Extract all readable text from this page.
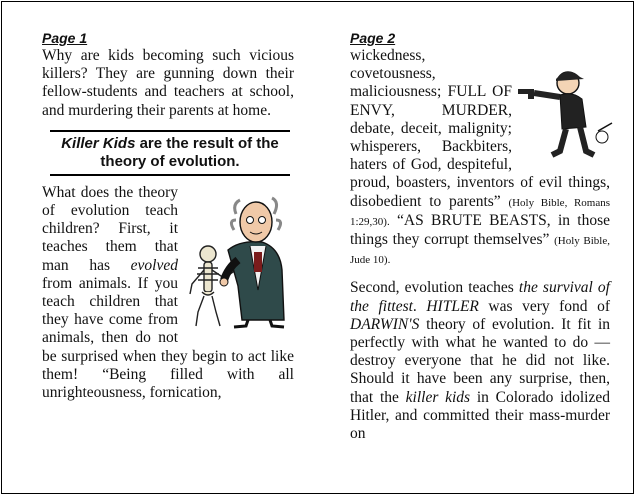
Page 1

Why are kids becoming such vicious killers? They are gunning down their fellow-students and teachers at school, and murdering their parents at home.

Killer Kids are the result of the theory of evolution.

What does the theory of evolution teach children? First, it teaches them that man has evolved from animals. If you teach children that they have come from animals, then do not be surprised when they begin to act like them! “Being filled with all unrighteousness, fornication,

Page 2

wickedness, covetousness, maliciousness; FULL OF ENVY, MURDER, debate, deceit, malignity; whisperers, Backbiters, haters of God, despiteful, proud, boasters, inventors of evil things, disobedient to parents” (Holy Bible, Romans 1:29,30). “AS BRUTE BEASTS, in those things they corrupt themselves” (Holy Bible, Jude 10).

Second, evolution teaches the survival of the fittest. HITLER was very fond of DARWIN'S theory of evolution. It fit in perfectly with what he wanted to do — destroy everyone that he did not like. Should it have been any surprise, then, that the killer kids in Colorado idolized Hitler, and committed their mass-murder on
